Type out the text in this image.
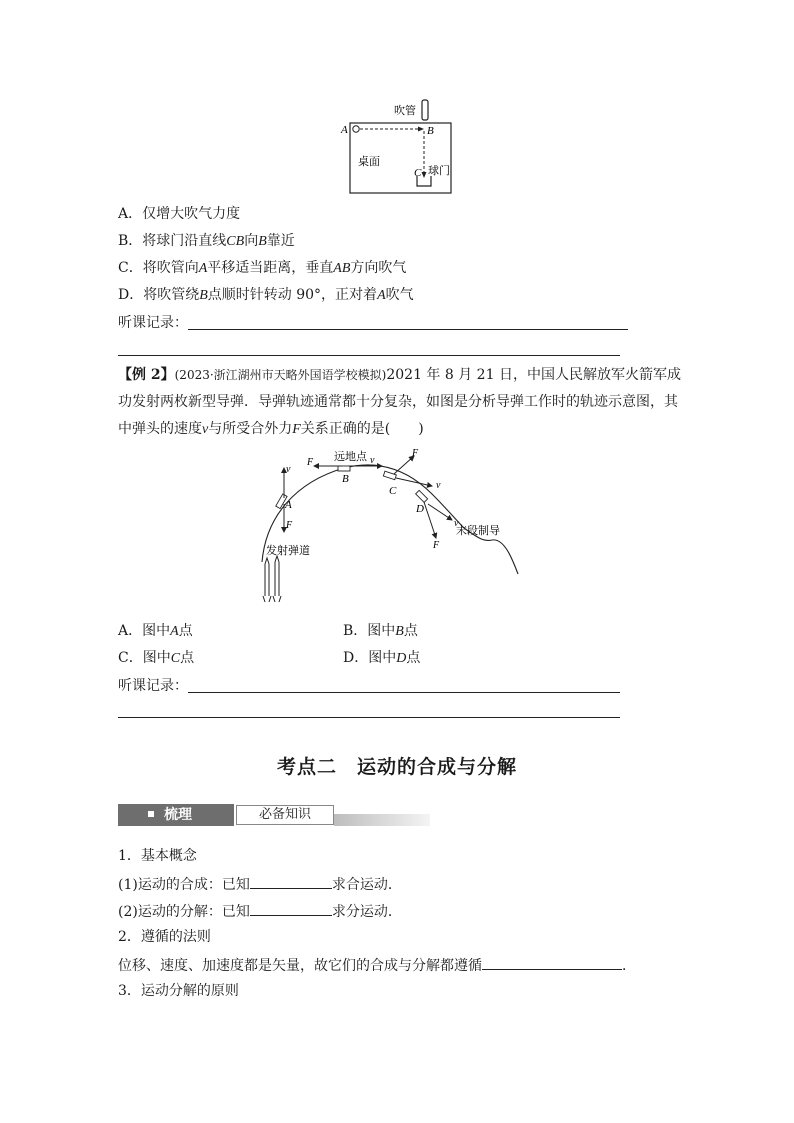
A	B
C
吹管
桌面
球门
A．仅增大吹气力度
B．将球门沿直线CB向B靠近
C．将吹管向A平移适当距离，垂直AB方向吹气
D．将吹管绕B点顺时针转动 90°，正对着A吹气
听课记录：
【例 2】(2023·浙江湖州市天略外国语学校模拟)2021 年 8 月 21 日，中国人民解放军火箭军成
功发射两枚新型导弹．导弹轨迹通常都十分复杂，如图是分析导弹工作时的轨迹示意图，其
中弹头的速度v与所受合外力F关系正确的是(　　)
v
F
A
F	v
远地点
B
F
v
C
F
v
D
末段制导
发射弹道
A．图中A点	B．图中B点
C．图中C点	D．图中D点
听课记录：
考点二　运动的合成与分解
梳理	必备知识
1．基本概念
(1)运动的合成：已知	求合运动．
(2)运动的分解：已知	求分运动．
2．遵循的法则
位移、速度、加速度都是矢量，故它们的合成与分解都遵循	．
3．运动分解的原则
